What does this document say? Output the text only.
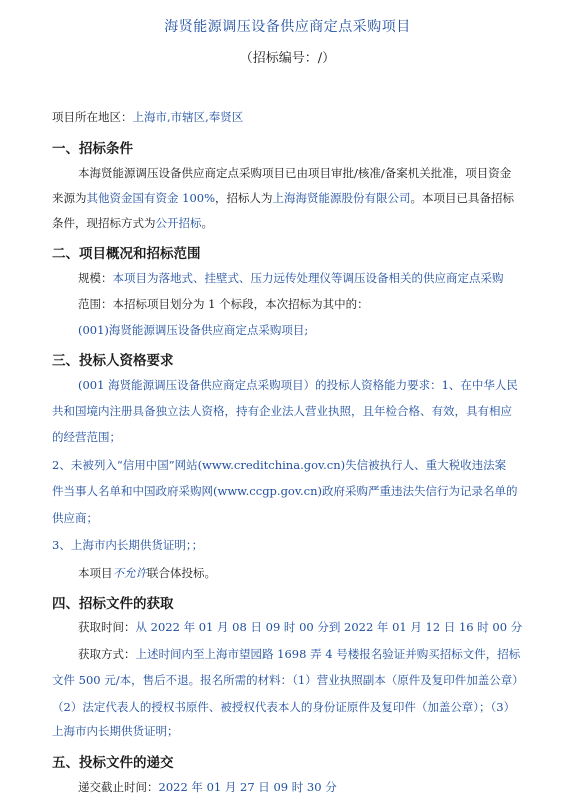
海贤能源调压设备供应商定点采购项目
（招标编号：/）
项目所在地区：上海市,市辖区,奉贤区
一、招标条件
本海贤能源调压设备供应商定点采购项目已由项目审批/核准/备案机关批准，项目资金
来源为其他资金国有资金 100%，招标人为上海海贤能源股份有限公司。本项目已具备招标
条件，现招标方式为公开招标。
二、项目概况和招标范围
规模：本项目为落地式、挂壁式、压力远传处理仪等调压设备相关的供应商定点采购
范围：本招标项目划分为 1 个标段，本次招标为其中的：
(001)海贤能源调压设备供应商定点采购项目;
三、投标人资格要求
(001 海贤能源调压设备供应商定点采购项目）的投标人资格能力要求：1、在中华人民
共和国境内注册具备独立法人资格，持有企业法人营业执照，且年检合格、有效，具有相应
的经营范围；
2、未被列入“信用中国”网站(www.creditchina.gov.cn)失信被执行人、重大税收违法案
件当事人名单和中国政府采购网(www.ccgp.gov.cn)政府采购严重违法失信行为记录名单的
供应商；
3、上海市内长期供货证明；；
本项目不允许联合体投标。
四、招标文件的获取
获取时间：从 2022 年 01 月 08 日 09 时 00 分到 2022 年 01 月 12 日 16 时 00 分
获取方式：上述时间内至上海市望园路 1698 弄 4 号楼报名验证并购买招标文件，招标
文件 500 元/本，售后不退。报名所需的材料：（1）营业执照副本（原件及复印件加盖公章）
（2）法定代表人的授权书原件、被授权代表本人的身份证原件及复印件（加盖公章）；（3）
上海市内长期供货证明；
五、投标文件的递交
递交截止时间：2022 年 01 月 27 日 09 时 30 分
